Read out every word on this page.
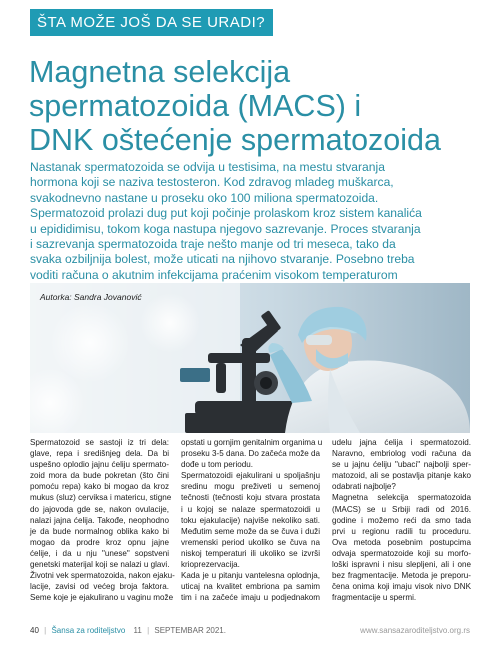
ŠTA MOŽE JOŠ DA SE URADI?
Magnetna selekcija
spermatozoida (MACS) i
DNK oštećenje spermatozoida
Nastanak spermatozoida se odvija u testisima, na mestu stvaranja
hormona koji se naziva testosteron. Kod zdravog mladeg muškarca,
svakodnevno nastane u proseku oko 100 miliona spermatozoida.
Spermatozoid prolazi dug put koji počinje prolaskom kroz sistem kanalića
u epididimisu, tokom koga nastupa njegovo sazrevanje. Proces stvaranja
i sazrevanja spermatozoida traje nešto manje od tri meseca, tako da
svaka ozbiljnija bolest, može uticati na njihovo stvaranje. Posebno treba
voditi računa o akutnim infekcijama praćenim visokom temperaturom
Autorka: Sandra Jovanović
Spermatozoid se sastoji iz tri dela:
glave, repa i središnjeg dela. Da bi
uspešno oplodio jajnu ćeliju spermato-
zoid mora da bude pokretan (što čini
pomoću repa) kako bi mogao da kroz
mukus (sluz) cerviksa i matericu, stigne
do jajovoda gde se, nakon ovulacije,
nalazi jajna ćelija. Takođe, neophodno
je da bude normalnog oblika kako bi
mogao da prodre kroz opnu jajne
ćelije, i da u nju "unese" sopstveni
genetski materijal koji se nalazi u glavi.
Životni vek spermatozoida, nakon ejaku-
lacije, zavisi od većeg broja faktora.
Seme koje je ejakulirano u vaginu može
opstati u gornjim genitalnim organima u
proseku 3-5 dana. Do začeća može da
dođe u tom periodu.
Spermatozoidi ejakulirani u spoljašnju
sredinu mogu preživeti u semenoj
tečnosti (tečnosti koju stvara prostata
i u kojoj se nalaze spermatozoidi u
toku ejakulacije) najviše nekoliko sati.
Međutim seme može da se čuva i duži
vremenski period ukoliko se čuva na
niskoj temperaturi ili ukoliko se izvrši
krioprezervacija.
Kada je u pitanju vantelesna oplodnja,
uticaj na kvalitet embriona pa samim
tim i na začeće imaju u podjednakom
udelu jajna ćelija i spermatozoid.
Naravno, embriolog vodi računa da
se u jajnu ćeliju "ubaci" najbolji sper-
matozoid, ali se postavlja pitanje kako
odabrati najbolje?
Magnetna selekcija spermatozoida
(MACS) se u Srbiji radi od 2016.
godine i možemo reći da smo tada
prvi u regionu radili tu proceduru.
Ova metoda posebnim postupcima
odvaja spermatozoide koji su morfo-
loški ispravni i nisu slepljeni, ali i one
bez fragmentacije. Metoda je preporu-
čena onima koji imaju visok nivo DNK
fragmentacije u spermi.
40 | Šansa za roditeljstvo 11 | SEPTEMBAR 2021.	www.sansazaroditeljstvo.org.rs
